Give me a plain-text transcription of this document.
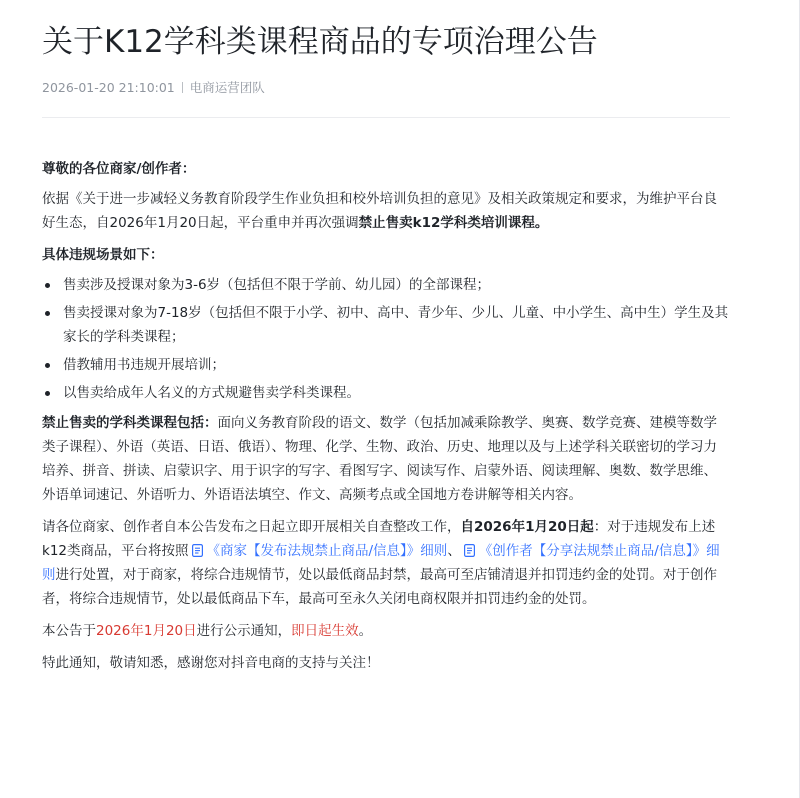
关于K12学科类课程商品的专项治理公告
2026-01-20 21:10:01 电商运营团队
尊敬的各位商家/创作者：
依据《关于进一步减轻义务教育阶段学生作业负担和校外培训负担的意见》及相关政策规定和要求，为维护平台良好生态，自2026年1月20日起，平台重申并再次强调禁止售卖k12学科类培训课程。
具体违规场景如下：
售卖涉及授课对象为3-6岁（包括但不限于学前、幼儿园）的全部课程；
售卖授课对象为7-18岁（包括但不限于小学、初中、高中、青少年、少儿、儿童、中小学生、高中生）学生及其家长的学科类课程；
借教辅用书违规开展培训；
以售卖给成年人名义的方式规避售卖学科类课程。
禁止售卖的学科类课程包括：面向义务教育阶段的语文、数学（包括加减乘除教学、奥赛、数学竞赛、建模等数学类子课程）、外语（英语、日语、俄语）、物理、化学、生物、政治、历史、地理以及与上述学科关联密切的学习力培养、拼音、拼读、启蒙识字、用于识字的写字、看图写字、阅读写作、启蒙外语、阅读理解、奥数、数学思维、外语单词速记、外语听力、外语语法填空、作文、高频考点或全国地方卷讲解等相关内容。
请各位商家、创作者自本公告发布之日起立即开展相关自查整改工作，自2026年1月20日起：对于违规发布上述k12类商品，平台将按照 《商家【发布法规禁止商品/信息】》细则、 《创作者【分享法规禁止商品/信息】》细则进行处置，对于商家，将综合违规情节，处以最低商品封禁，最高可至店铺清退并扣罚违约金的处罚。对于创作者，将综合违规情节，处以最低商品下车，最高可至永久关闭电商权限并扣罚违约金的处罚。
本公告于2026年1月20日进行公示通知，即日起生效。
特此通知，敬请知悉，感谢您对抖音电商的支持与关注！
